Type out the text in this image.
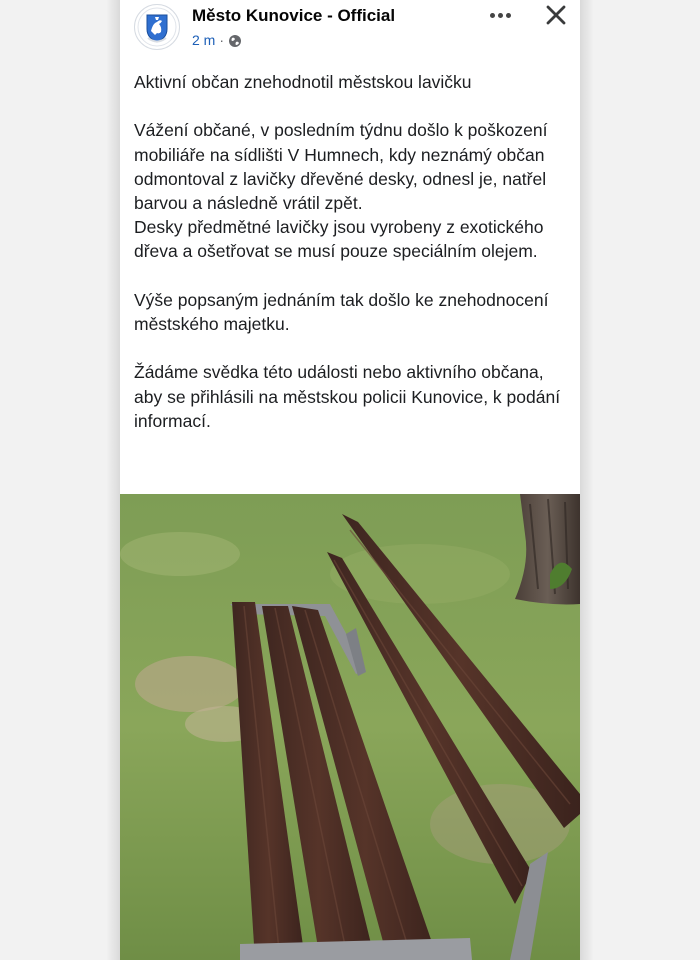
Město Kunovice - Official
2 m ·

Aktivní občan znehodnotil městskou lavičku

Vážení občané, v posledním týdnu došlo k poškození mobiliáře na sídlišti V Humnech, kdy neznámý občan odmontoval z lavičky dřevěné desky, odnesl je, natřel barvou a následně vrátil zpět.

Desky předmětné lavičky jsou vyrobeny z exotického dřeva a ošetřovat se musí pouze speciálním olejem.

Výše popsaným jednáním tak došlo ke znehodnocení městského majetku.

Žádáme svědka této události nebo aktivního občana, aby se přihlásili na městskou policii Kunovice, k podání informací.
